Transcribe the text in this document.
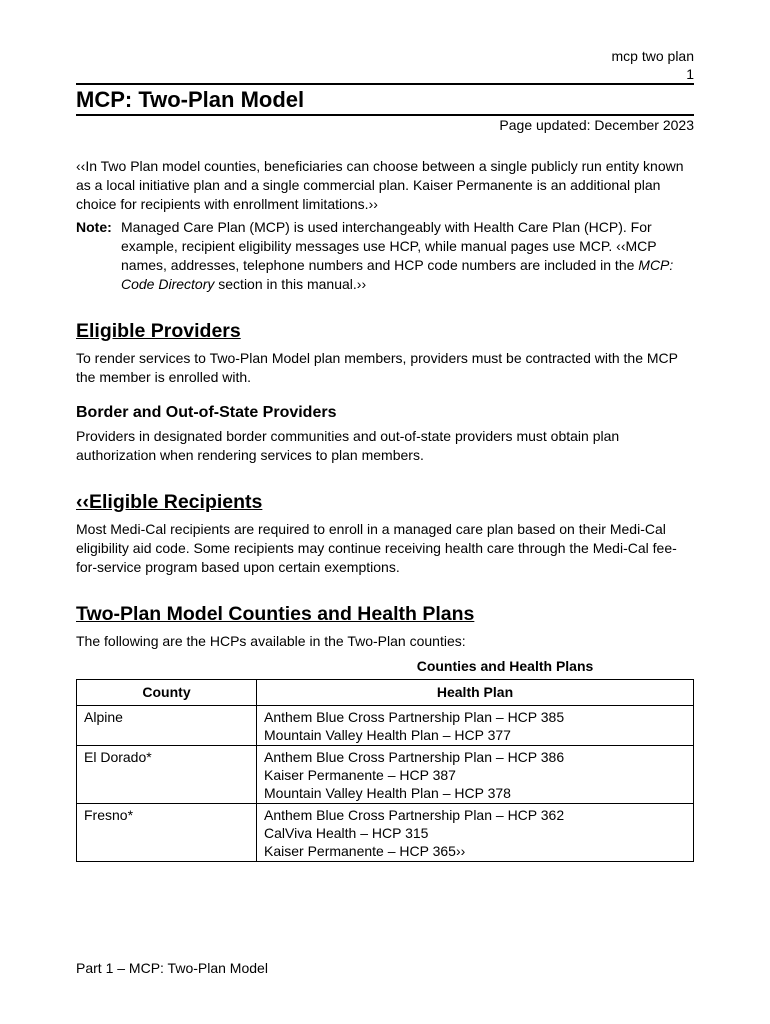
mcp two plan
1
MCP: Two-Plan Model
Page updated: December 2023

‹‹In Two Plan model counties, beneficiaries can choose between a single publicly run entity known as a local initiative plan and a single commercial plan. Kaiser Permanente is an additional plan choice for recipients with enrollment limitations.››

Note: Managed Care Plan (MCP) is used interchangeably with Health Care Plan (HCP). For example, recipient eligibility messages use HCP, while manual pages use MCP. ‹‹MCP names, addresses, telephone numbers and HCP code numbers are included in the MCP: Code Directory section in this manual.››
Eligible Providers

To render services to Two-Plan Model plan members, providers must be contracted with the MCP the member is enrolled with.

Border and Out-of-State Providers

Providers in designated border communities and out-of-state providers must obtain plan authorization when rendering services to plan members.

‹‹Eligible Recipients

Most Medi-Cal recipients are required to enroll in a managed care plan based on their Medi-Cal eligibility aid code. Some recipients may continue receiving health care through the Medi-Cal fee-for-service program based upon certain exemptions.

Two-Plan Model Counties and Health Plans

The following are the HCPs available in the Two-Plan counties:

Counties and Health Plans
County	Health Plan
Alpine	Anthem Blue Cross Partnership Plan – HCP 385
Mountain Valley Health Plan – HCP 377

El Dorado*	Anthem Blue Cross Partnership Plan – HCP 386
Kaiser Permanente – HCP 387
Mountain Valley Health Plan – HCP 378

Fresno*	Anthem Blue Cross Partnership Plan – HCP 362
CalViva Health – HCP 315
Kaiser Permanente – HCP 365››
Part 1 – MCP: Two-Plan Model
